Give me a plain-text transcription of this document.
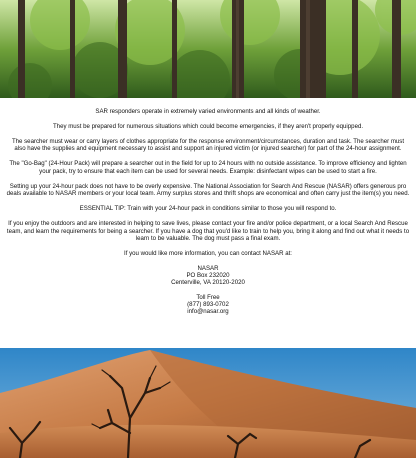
SAR responders operate in extremely varied environments and all kinds of weather.

They must be prepared for numerous situations which could become emergencies, if they aren't properly equipped.

The searcher must wear or carry layers of clothes appropriate for the response environment/circumstances, duration and task. The searcher must also have the supplies and equipment necessary to assist and support an injured victim (or injured searcher) for part of the 24-hour assignment.

The "Go-Bag" (24-Hour Pack) will prepare a searcher out in the field for up to 24 hours with no outside assistance. To improve efficiency and lighten your pack, try to ensure that each item can be used for several needs. Example: disinfectant wipes can be used to start a fire.

Setting up your 24-hour pack does not have to be overly expensive. The National Association for Search And Rescue (NASAR) offers generous pro deals available to NASAR members or your local team. Army surplus stores and thrift shops are economical and often carry just the item(s) you need.

ESSENTIAL TIP: Train with your 24-hour pack in conditions similar to those you will respond to.

If you enjoy the outdoors and are interested in helping to save lives, please contact your fire and/or police department, or a local Search And Rescue team, and learn the requirements for being a searcher. If you have a dog that you'd like to train to help you, bring it along and find out what it needs to learn to be valuable. The dog must pass a final exam.

If you would like more information, you can contact NASAR at:

NASAR
PO Box 232020
Centerville, VA 20120-2020
Toll Free
(877) 893-0702
info@nasar.org
